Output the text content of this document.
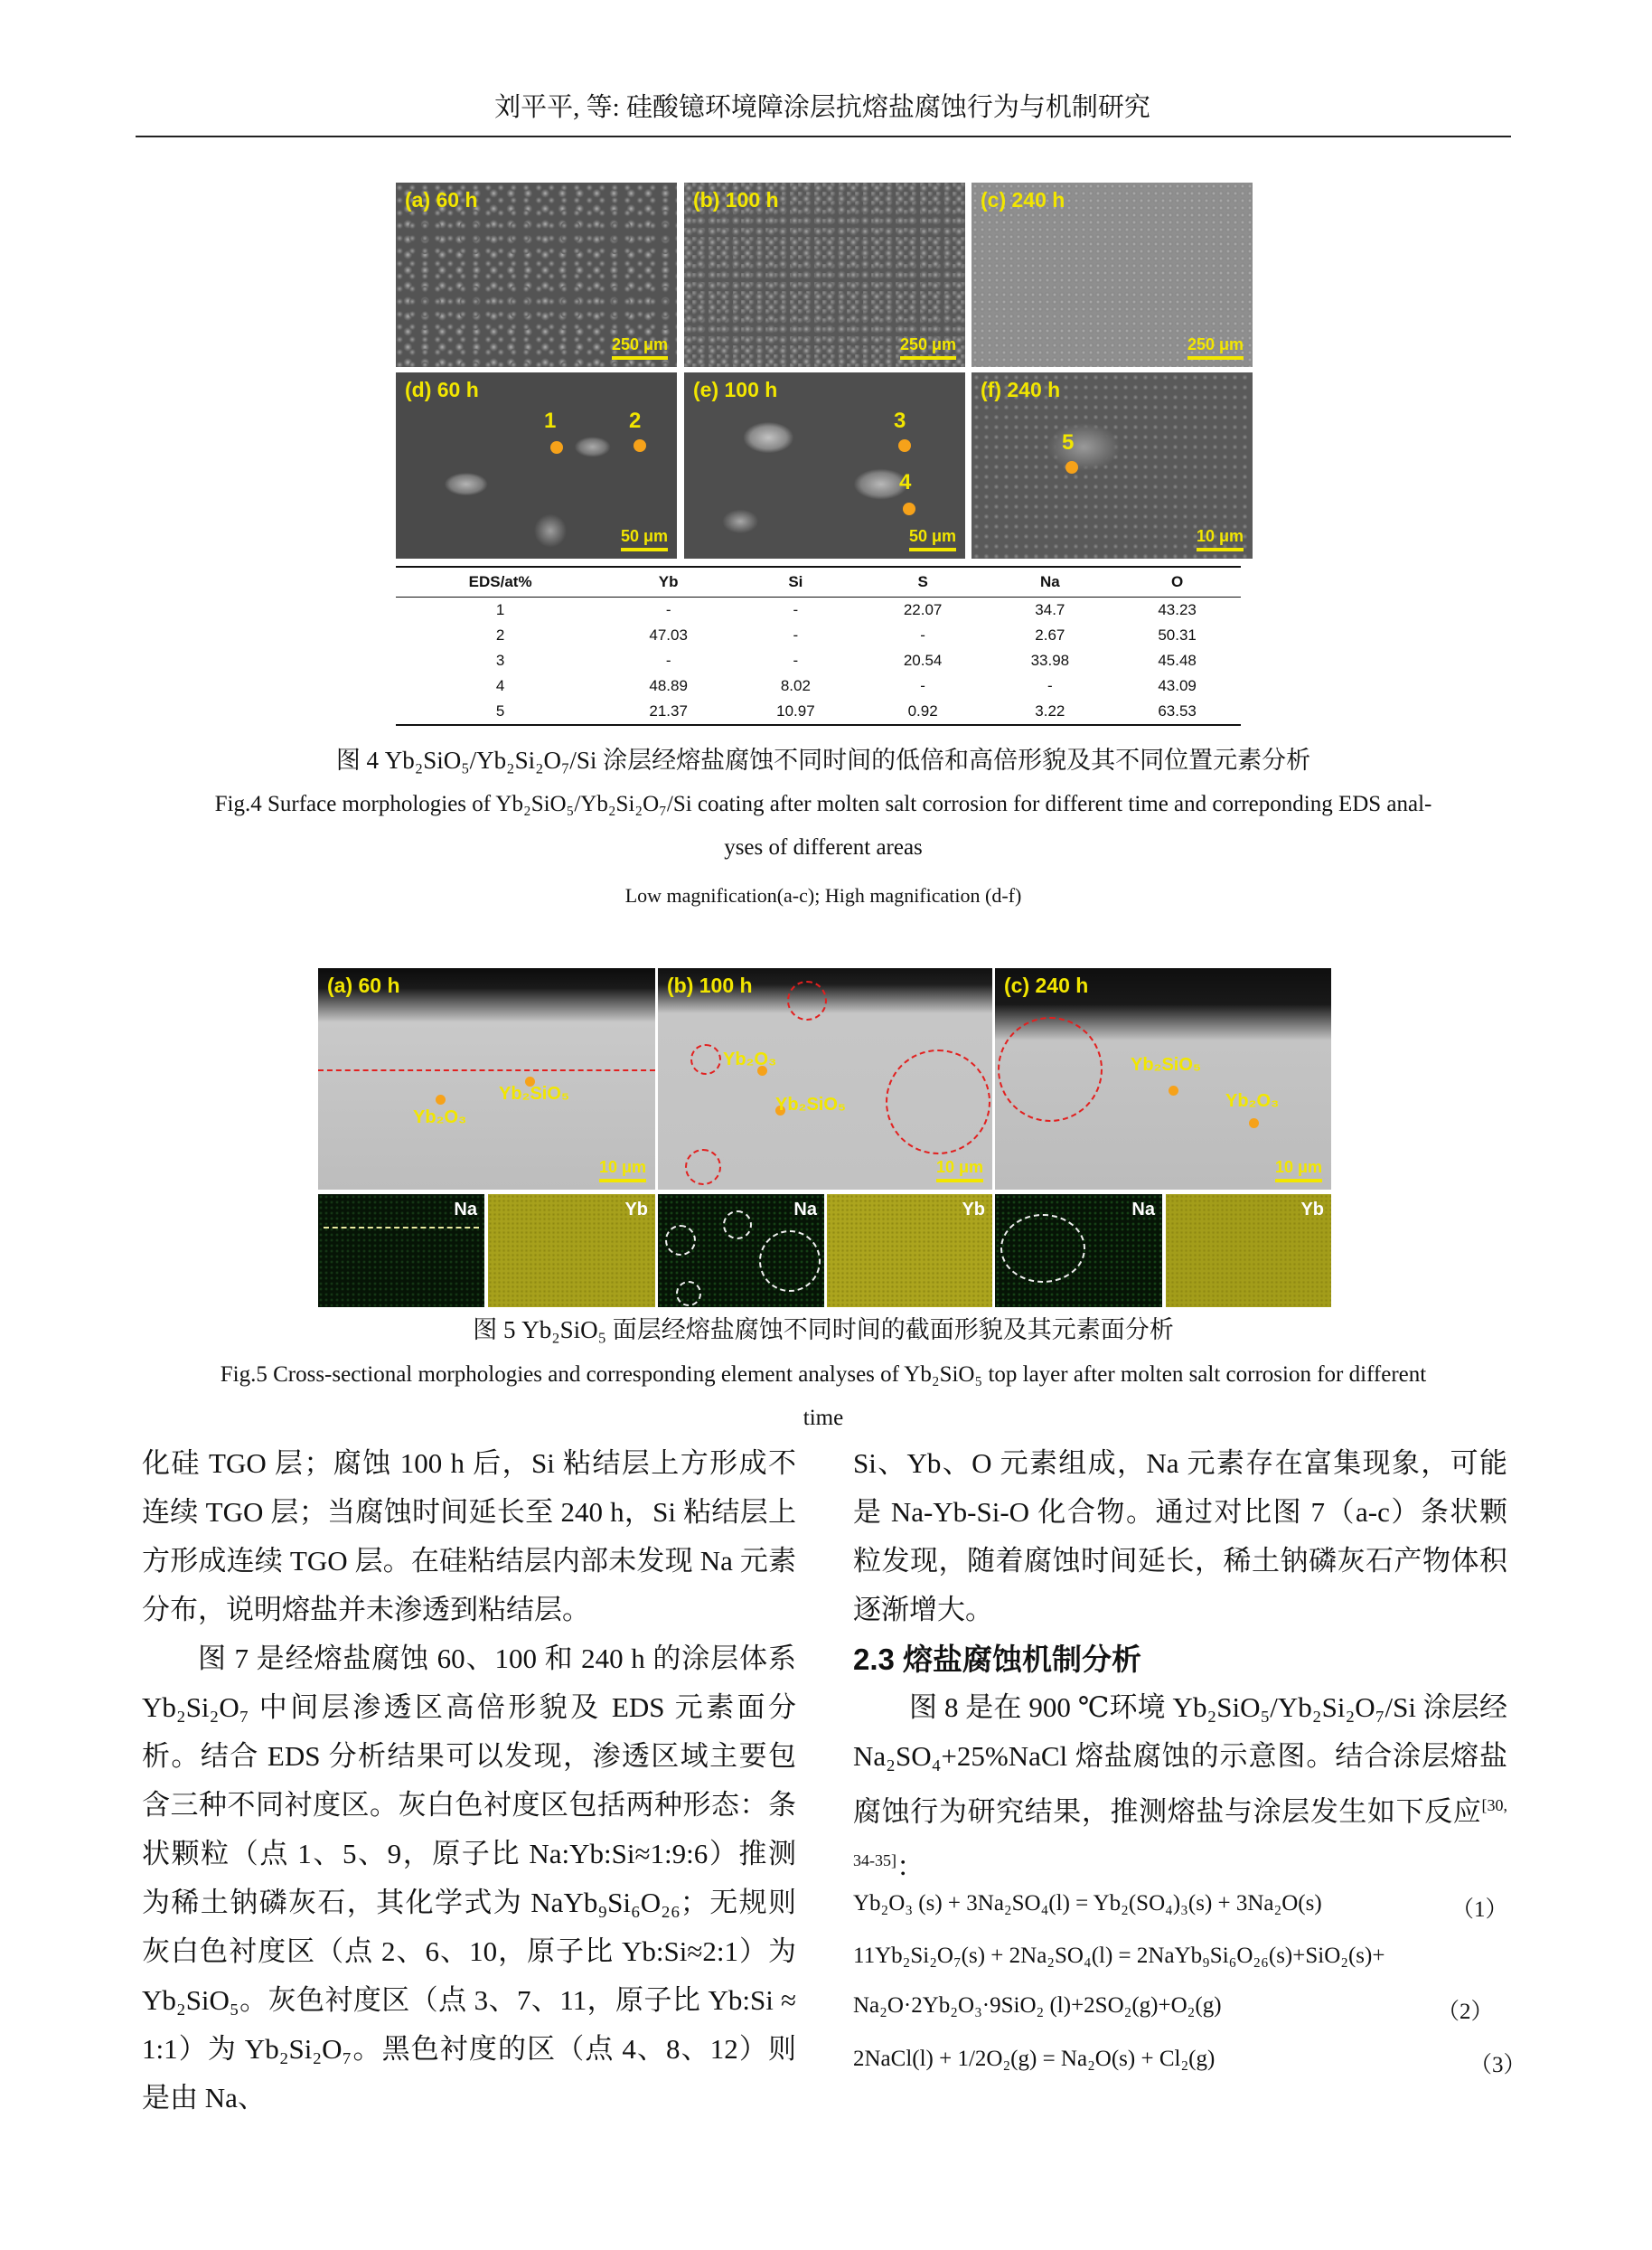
刘平平, 等: 硅酸镱环境障涂层抗熔盐腐蚀行为与机制研究
(a) 60 h
250 μm
(b) 100 h
250 μm
(c) 240 h
250 μm
(d) 60 h
1	2
50 μm
(e) 100 h
3
4
50 μm
(f) 240 h
5
10 μm
EDS/at%	Yb	Si	S	Na	O
1	-	-	22.07	34.7	43.23
2	47.03	-	-	2.67	50.31
3	-	-	20.54	33.98	45.48
4	48.89	8.02	-	-	43.09
5	21.37	10.97	0.92	3.22	63.53
图 4 Yb₂SiO₅/Yb₂Si₂O₇/Si 涂层经熔盐腐蚀不同时间的低倍和高倍形貌及其不同位置元素分析
Fig.4 Surface morphologies of Yb₂SiO₅/Yb₂Si₂O₇/Si coating after molten salt corrosion for different time and correponding EDS anal-
yses of different areas
Low magnification(a-c); High magnification (d-f)
(a) 60 h
Yb₂O₃
Yb₂SiO₅
10 μm
(b) 100 h
Yb₂O₃
Yb₂SiO₅
10 μm
(c) 240 h
Yb₂SiO₅
Yb₂O₃
10 μm
Na	Yb	Na	Yb	Na	Yb
图 5 Yb₂SiO₅ 面层经熔盐腐蚀不同时间的截面形貌及其元素面分析
Fig.5 Cross-sectional morphologies and corresponding element analyses of Yb₂SiO₅ top layer after molten salt corrosion for different
time

化硅 TGO 层；腐蚀 100 h 后，Si 粘结层上方形成不连续 TGO 层；当腐蚀时间延长至 240 h，Si 粘结层上方形成连续 TGO 层。在硅粘结层内部未发现 Na 元素分布，说明熔盐并未渗透到粘结层。

图 7 是经熔盐腐蚀 60、100 和 240 h 的涂层体系 Yb₂Si₂O₇ 中间层渗透区高倍形貌及 EDS 元素面分析。结合 EDS 分析结果可以发现，渗透区域主要包含三种不同衬度区。灰白色衬度区包括两种形态：条状颗粒（点 1、5、9，原子比 Na:Yb:Si≈1:9:6）推测为稀土钠磷灰石，其化学式为 NaYb₉Si₆O₂₆；无规则灰白色衬度区（点 2、6、10，原子比 Yb:Si≈2:1）为 Yb₂SiO₅。灰色衬度区（点 3、7、11，原子比 Yb:Si ≈ 1:1）为 Yb₂Si₂O₇。黑色衬度的区（点 4、8、12）则是由 Na、

Si、Yb、O 元素组成，Na 元素存在富集现象，可能是 Na-Yb-Si-O 化合物。通过对比图 7（a-c）条状颗粒发现，随着腐蚀时间延长，稀土钠磷灰石产物体积逐渐增大。

2.3 熔盐腐蚀机制分析

图 8 是在 900 ℃环境 Yb₂SiO₅/Yb₂Si₂O₇/Si 涂层经 Na₂SO₄+25%NaCl 熔盐腐蚀的示意图。结合涂层熔盐腐蚀行为研究结果，推测熔盐与涂层发生如下反应[30, 34-35]：

Yb₂O₃ (s) + 3Na₂SO₄(l) = Yb₂(SO₄)₃(s) + 3Na₂O(s)	（1）
11Yb₂Si₂O₇(s) + 2Na₂SO₄(l) = 2NaYb₉Si₆O₂₆(s)+SiO₂(s)+
Na₂O·2Yb₂O₃·9SiO₂ (l)+2SO₂(g)+O₂(g)	（2）
2NaCl(l) + 1/2O₂(g) = Na₂O(s) + Cl₂(g)	（3）
